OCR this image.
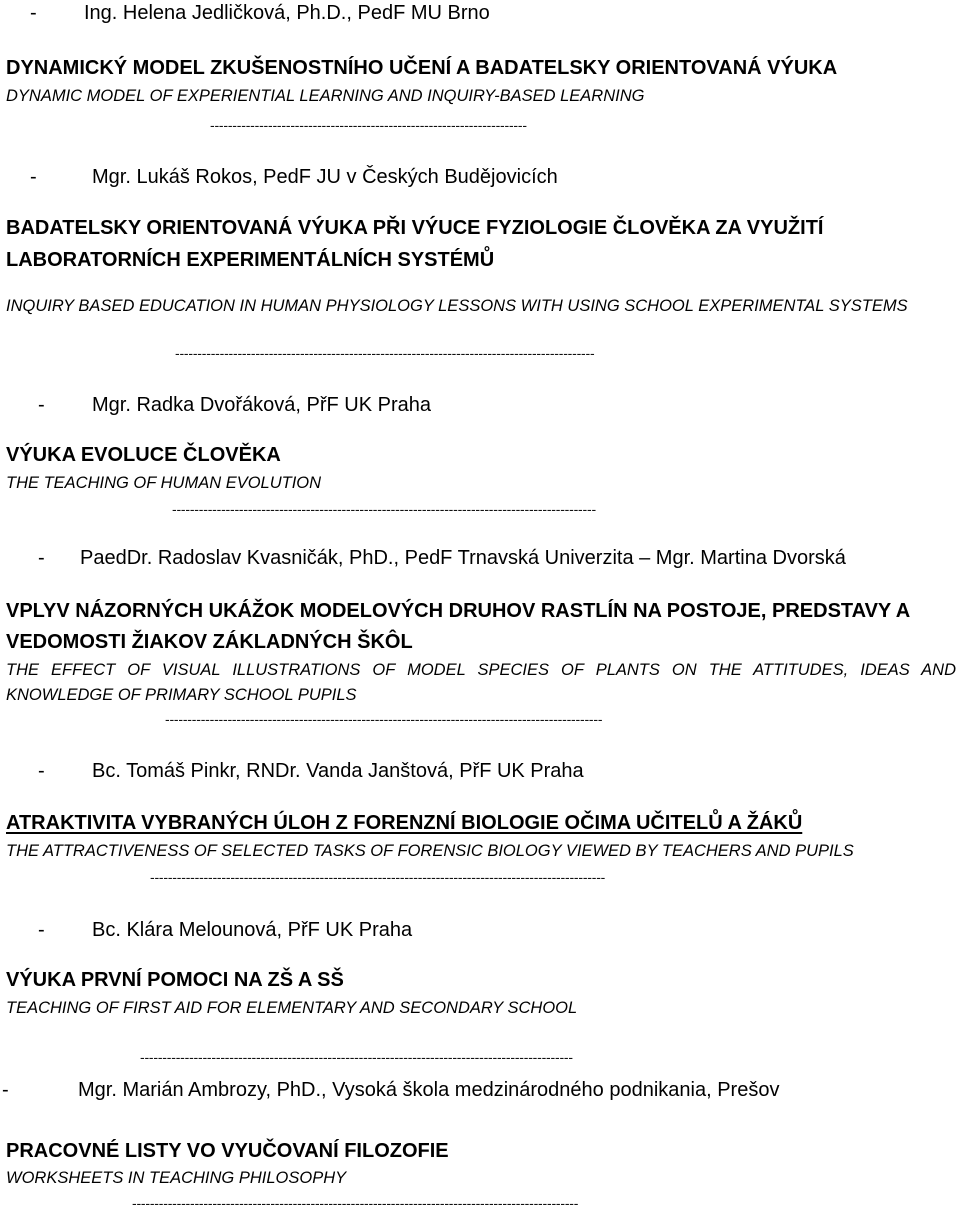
- Ing. Helena Jedličková, Ph.D., PedF MU Brno
DYNAMICKÝ MODEL ZKUŠENOSTNÍHO UČENÍ A BADATELSKY ORIENTOVANÁ VÝUKA
DYNAMIC MODEL OF EXPERIENTIAL LEARNING AND INQUIRY-BASED LEARNING
-----------------------------------------------------------------------
-	Mgr. Lukáš Rokos, PedF JU v Českých Budějovicích
BADATELSKY ORIENTOVANÁ VÝUKA PŘI VÝUCE FYZIOLOGIE ČLOVĚKA ZA VYUŽITÍ
LABORATORNÍCH EXPERIMENTÁLNÍCH SYSTÉMŮ
INQUIRY BASED EDUCATION IN HUMAN PHYSIOLOGY LESSONS WITH USING SCHOOL EXPERIMENTAL SYSTEMS
----------------------------------------------------------------------------------------------
- Mgr. Radka Dvořáková, PřF UK Praha
VÝUKA EVOLUCE ČLOVĚKA
THE TEACHING OF HUMAN EVOLUTION
-----------------------------------------------------------------------------------------------
- PaedDr. Radoslav Kvasničák, PhD., PedF Trnavská Univerzita – Mgr. Martina Dvorská
VPLYV NÁZORNÝCH UKÁŽOK MODELOVÝCH DRUHOV RASTLÍN NA POSTOJE, PREDSTAVY A
VEDOMOSTI ŽIAKOV ZÁKLADNÝCH ŠKÔL
THE EFFECT OF VISUAL ILLUSTRATIONS OF MODEL SPECIES OF PLANTS ON THE ATTITUDES, IDEAS AND
KNOWLEDGE OF PRIMARY SCHOOL PUPILS
--------------------------------------------------------------------------------------------------
- Bc. Tomáš Pinkr, RNDr. Vanda Janštová, PřF UK Praha
ATRAKTIVITA VYBRANÝCH ÚLOH Z FORENZNÍ BIOLOGIE OČIMA UČITELŮ A ŽÁKŮ
THE ATTRACTIVENESS OF SELECTED TASKS OF FORENSIC BIOLOGY VIEWED BY TEACHERS AND PUPILS
------------------------------------------------------------------------------------------------------
- Bc. Klára Melounová, PřF UK Praha
VÝUKA PRVNÍ POMOCI NA ZŠ A SŠ
TEACHING OF FIRST AID FOR ELEMENTARY AND SECONDARY SCHOOL
-------------------------------------------------------------------------------------------------
-	Mgr. Marián Ambrozy, PhD., Vysoká škola medzinárodného podnikania, Prešov
PRACOVNÉ LISTY VO VYUČOVANÍ FILOZOFIE
WORKSHEETS IN TEACHING PHILOSOPHY
----------------------------------------------------------------------------------------------------
